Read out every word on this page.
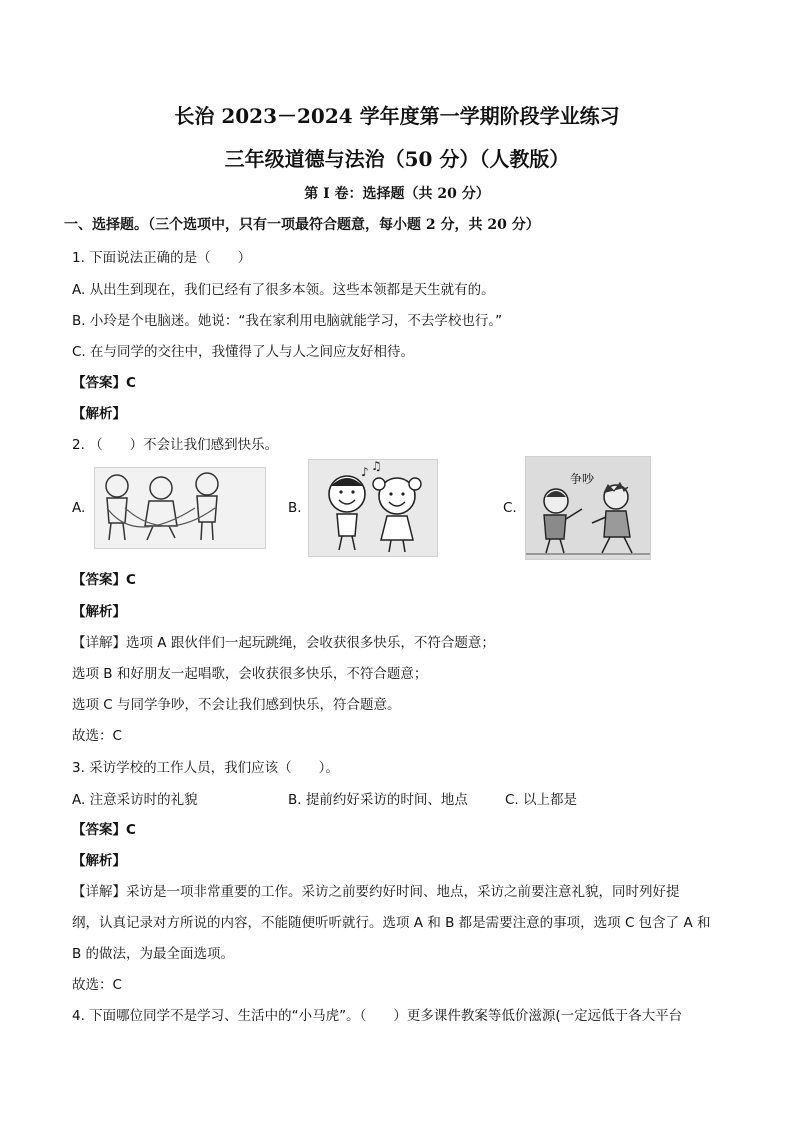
长治 2023－2024 学年度第一学期阶段学业练习
三年级道德与法治（50 分）（人教版）
第 I 卷：选择题（共 20 分）
一、选择题。（三个选项中，只有一项最符合题意，每小题 2 分，共 20 分）
1. 下面说法正确的是（　　）
A. 从出生到现在，我们已经有了很多本领。这些本领都是天生就有的。
B. 小玲是个电脑迷。她说：“我在家利用电脑就能学习，不去学校也行。”
C. 在与同学的交往中，我懂得了人与人之间应友好相待。
【答案】C
【解析】
2. （　　）不会让我们感到快乐。
A.	B.
♪ ♫
C.
争吵
【答案】C
【解析】
【详解】选项 A 跟伙伴们一起玩跳绳，会收获很多快乐，不符合题意；
选项 B 和好朋友一起唱歌，会收获很多快乐，不符合题意；
选项 C 与同学争吵，不会让我们感到快乐，符合题意。
故选：C
3. 采访学校的工作人员，我们应该（　　）。
A. 注意采访时的礼貌	B. 提前约好采访的时间、地点	C. 以上都是
【答案】C
【解析】
【详解】采访是一项非常重要的工作。采访之前要约好时间、地点，采访之前要注意礼貌，同时列好提
纲，认真记录对方所说的内容，不能随便听听就行。选项 A 和 B 都是需要注意的事项，选项 C 包含了 A 和
B 的做法，为最全面选项。
故选：C
4. 下面哪位同学不是学习、生活中的“小马虎”。（　　）更多课件教案等低价滋源(一定远低于各大平台
